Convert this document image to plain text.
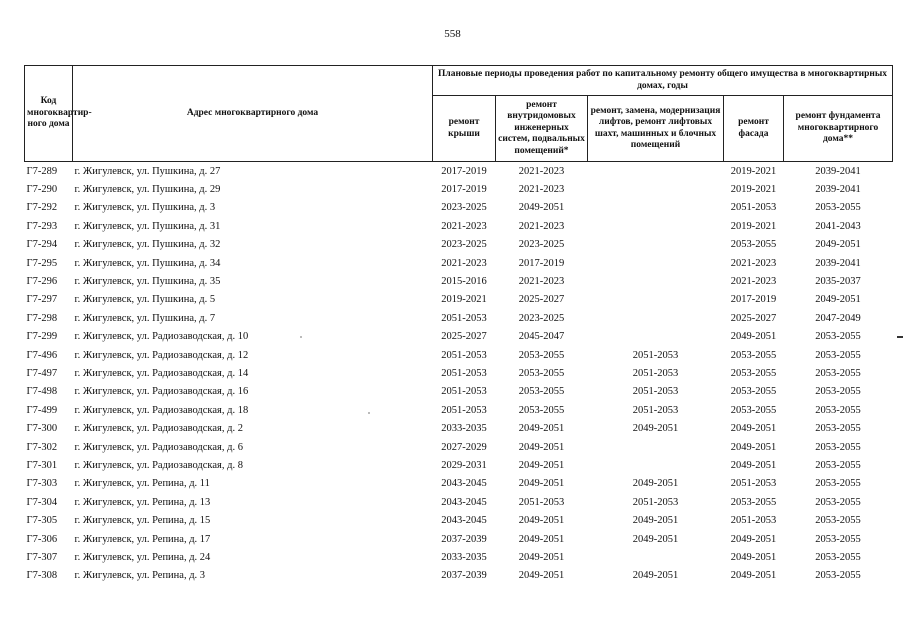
558
Код многоквартир-ного дома	Адрес многоквартирного дома	Плановые периоды проведения работ по капитальному ремонту общего имущества в многоквартирных домах, годы				
		ремонт крыши	ремонт внутридомовых инженерных систем, подвальных помещений*	ремонт, замена, модернизация лифтов, ремонт лифтовых шахт, машинных и блочных помещений	ремонт фасада	ремонт фундамента многоквартирного дома**
Г7-289	г. Жигулевск, ул. Пушкина, д. 27	2017-2019	2021-2023		2019-2021	2039-2041
Г7-290	г. Жигулевск, ул. Пушкина, д. 29	2017-2019	2021-2023		2019-2021	2039-2041
Г7-292	г. Жигулевск, ул. Пушкина, д. 3	2023-2025	2049-2051		2051-2053	2053-2055
Г7-293	г. Жигулевск, ул. Пушкина, д. 31	2021-2023	2021-2023		2019-2021	2041-2043
Г7-294	г. Жигулевск, ул. Пушкина, д. 32	2023-2025	2023-2025		2053-2055	2049-2051
Г7-295	г. Жигулевск, ул. Пушкина, д. 34	2021-2023	2017-2019		2021-2023	2039-2041
Г7-296	г. Жигулевск, ул. Пушкина, д. 35	2015-2016	2021-2023		2021-2023	2035-2037
Г7-297	г. Жигулевск, ул. Пушкина, д. 5	2019-2021	2025-2027		2017-2019	2049-2051
Г7-298	г. Жигулевск, ул. Пушкина, д. 7	2051-2053	2023-2025		2025-2027	2047-2049
Г7-299	г. Жигулевск, ул. Радиозаводская, д. 10	2025-2027	2045-2047		2049-2051	2053-2055
Г7-496	г. Жигулевск, ул. Радиозаводская, д. 12	2051-2053	2053-2055	2051-2053	2053-2055	2053-2055
Г7-497	г. Жигулевск, ул. Радиозаводская, д. 14	2051-2053	2053-2055	2051-2053	2053-2055	2053-2055
Г7-498	г. Жигулевск, ул. Радиозаводская, д. 16	2051-2053	2053-2055	2051-2053	2053-2055	2053-2055
Г7-499	г. Жигулевск, ул. Радиозаводская, д. 18	2051-2053	2053-2055	2051-2053	2053-2055	2053-2055
Г7-300	г. Жигулевск, ул. Радиозаводская, д. 2	2033-2035	2049-2051	2049-2051	2049-2051	2053-2055
Г7-302	г. Жигулевск, ул. Радиозаводская, д. 6	2027-2029	2049-2051		2049-2051	2053-2055
Г7-301	г. Жигулевск, ул. Радиозаводская, д. 8	2029-2031	2049-2051		2049-2051	2053-2055
Г7-303	г. Жигулевск, ул. Репина, д. 11	2043-2045	2049-2051	2049-2051	2051-2053	2053-2055
Г7-304	г. Жигулевск, ул. Репина, д. 13	2043-2045	2051-2053	2051-2053	2053-2055	2053-2055
Г7-305	г. Жигулевск, ул. Репина, д. 15	2043-2045	2049-2051	2049-2051	2051-2053	2053-2055
Г7-306	г. Жигулевск, ул. Репина, д. 17	2037-2039	2049-2051	2049-2051	2049-2051	2053-2055
Г7-307	г. Жигулевск, ул. Репина, д. 24	2033-2035	2049-2051		2049-2051	2053-2055
Г7-308	г. Жигулевск, ул. Репина, д. 3	2037-2039	2049-2051	2049-2051	2049-2051	2053-2055
